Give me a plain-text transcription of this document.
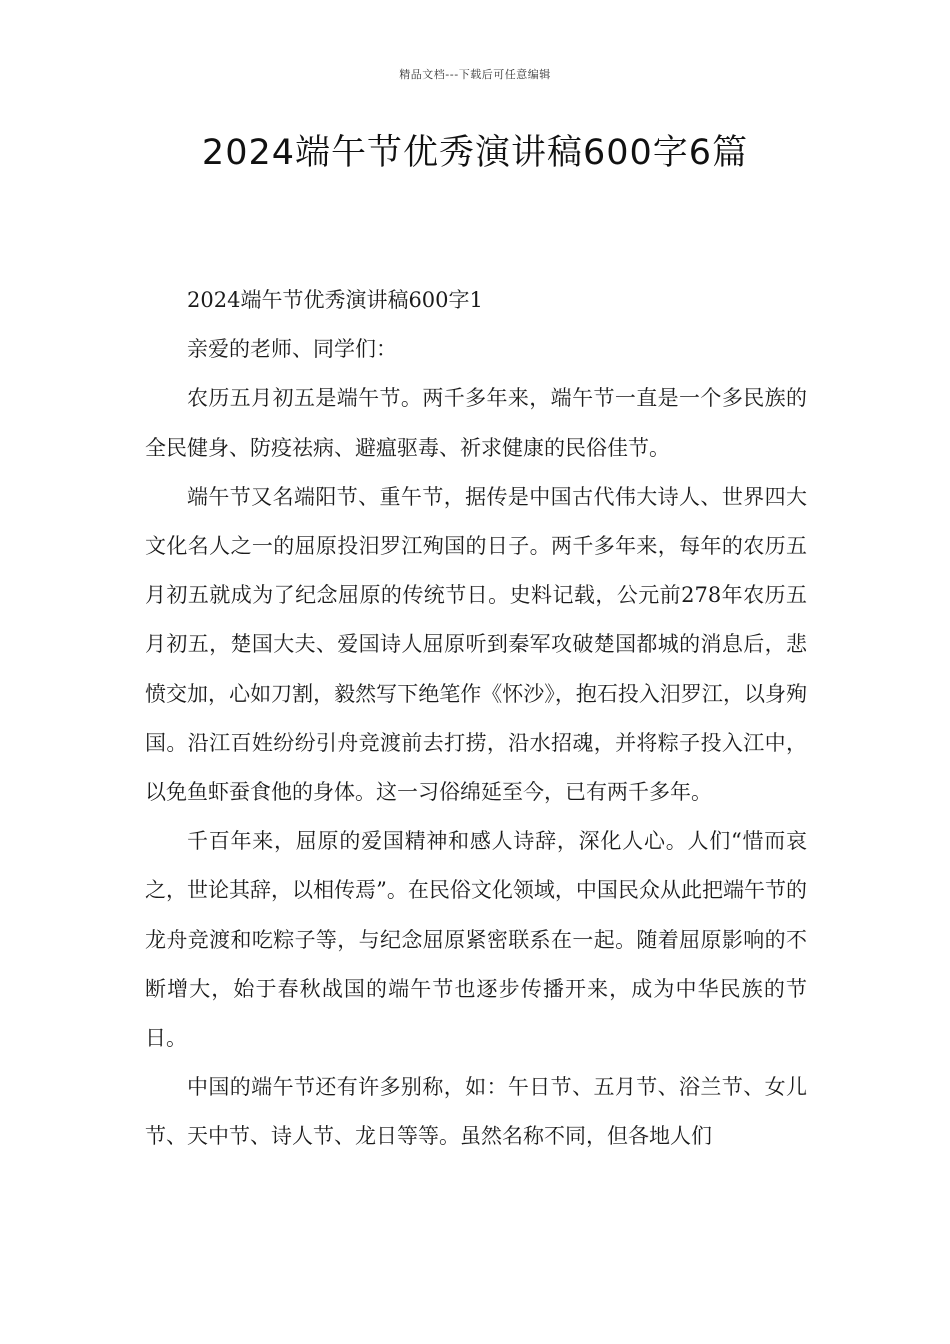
精品文档---下载后可任意编辑
2024端午节优秀演讲稿600字6篇

2024端午节优秀演讲稿600字1

亲爱的老师、同学们：

农历五月初五是端午节。两千多年来，端午节一直是一个多民族的全民健身、防疫祛病、避瘟驱毒、祈求健康的民俗佳节。

端午节又名端阳节、重午节，据传是中国古代伟大诗人、世界四大文化名人之一的屈原投汨罗江殉国的日子。两千多年来，每年的农历五月初五就成为了纪念屈原的传统节日。史料记载，公元前278年农历五月初五，楚国大夫、爱国诗人屈原听到秦军攻破楚国都城的消息后，悲愤交加，心如刀割，毅然写下绝笔作《怀沙》，抱石投入汨罗江，以身殉国。沿江百姓纷纷引舟竞渡前去打捞，沿水招魂，并将粽子投入江中，以免鱼虾蚕食他的身体。这一习俗绵延至今，已有两千多年。

千百年来，屈原的爱国精神和感人诗辞，深化人心。人们“惜而哀之，世论其辞，以相传焉”。在民俗文化领域，中国民众从此把端午节的龙舟竞渡和吃粽子等，与纪念屈原紧密联系在一起。随着屈原影响的不断增大，始于春秋战国的端午节也逐步传播开来，成为中华民族的节日。

中国的端午节还有许多别称，如：午日节、五月节、浴兰节、女儿节、天中节、诗人节、龙日等等。虽然名称不同，但各地人们
